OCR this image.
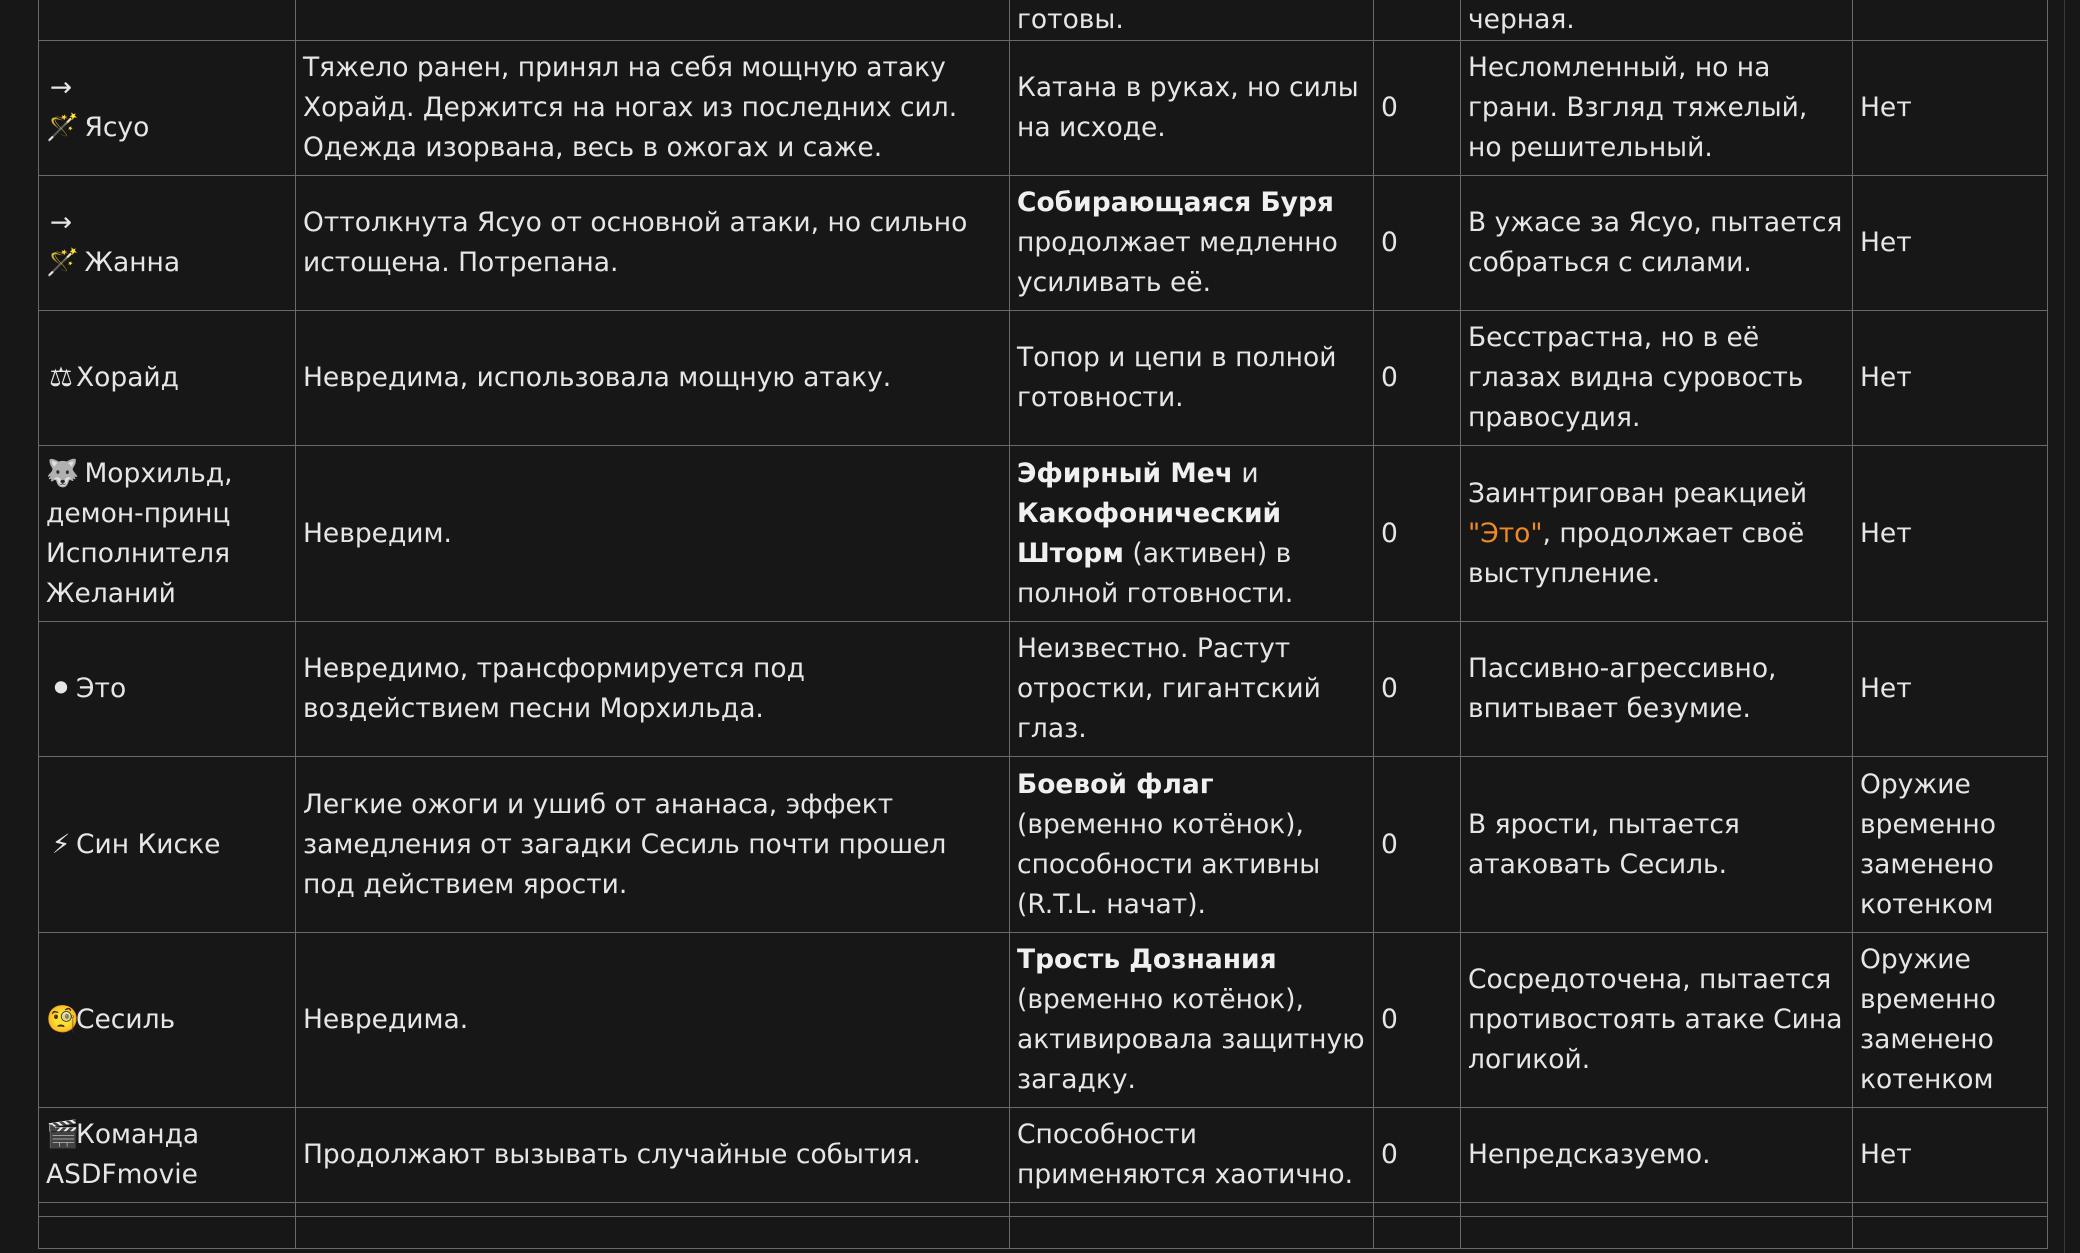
		готовы.		черная.	
→🪄 Ясуо	Тяжело ранен, принял на себя мощную атаку Хорайд. Держится на ногах из последних сил. Одежда изорвана, весь в ожогах и саже.	Катана в руках, но силы на исходе.	0	Несломленный, но на грани. Взгляд тяжелый, но решительный.	Нет
→🪄 Жанна	Оттолкнута Ясуо от основной атаки, но сильно истощена. Потрепана.	Собирающаяся Буря продолжает медленно усиливать её.	0	В ужасе за Ясуо, пытается собраться с силами.	Нет
⚖ Хорайд	Невредима, использовала мощную атаку.	Топор и цепи в полной готовности.	0	Бесстрастна, но в её глазах видна суровость правосудия.	Нет
🐺 Морхильд, демон-принц Исполнителя Желаний	Невредим.	Эфирный Меч и Какофонический Шторм (активен) в полной готовности.	0	Заинтригован реакцией "Это", продолжает своё выступление.	Нет
⚫ Это	Невредимо, трансформируется под воздействием песни Морхильда.	Неизвестно. Растут отростки, гигантский глаз.	0	Пассивно-агрессивно, впитывает безумие.	Нет
⚡ Син Киске	Легкие ожоги и ушиб от ананаса, эффект замедления от загадки Сесиль почти прошел под действием ярости.	Боевой флаг (временно котёнок), способности активны (R.T.L. начат).	0	В ярости, пытается атаковать Сесиль.	Оружие временно заменено котенком
🧐Сесиль	Невредима.	Трость Дознания (временно котёнок), активировала защитную загадку.	0	Сосредоточена, пытается противостоять атаке Сина логикой.	Оружие временно заменено котенком
🎬Команда ASDFmovie	Продолжают вызывать случайные события.	Способности применяются хаотично.	0	Непредсказуемо.	Нет
